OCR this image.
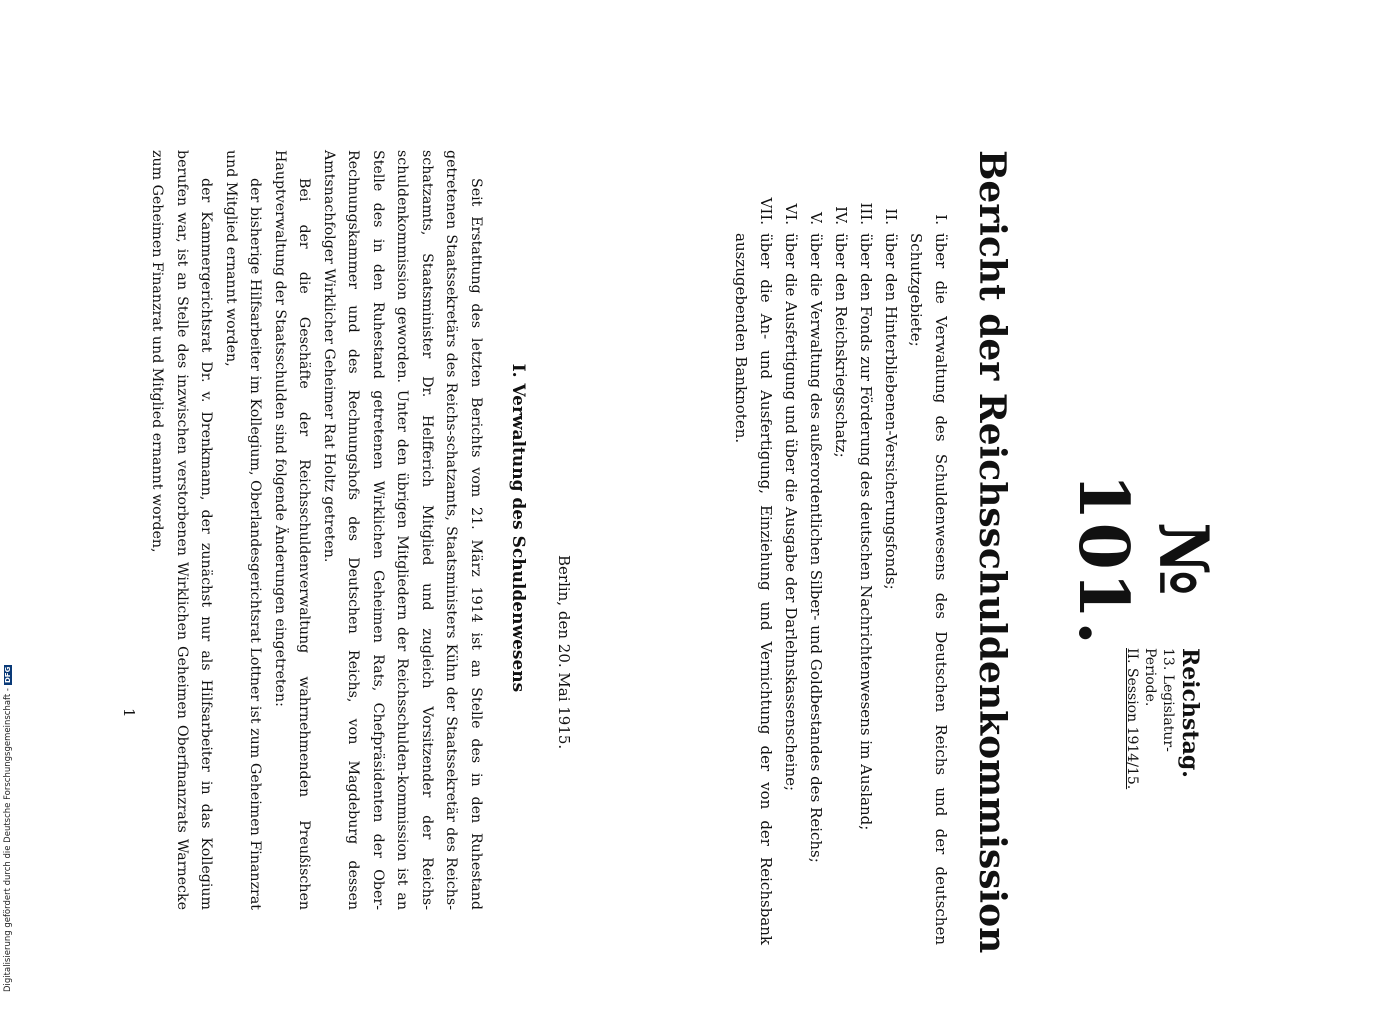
№ 101.
Reichstag.
13. Legislatur-Periode.
II. Session 1914/15.
Bericht der Reichsschuldenkommission
I.
über die Verwaltung des Schuldenwesens des Deutschen Reichs und der deutschen Schutzgebiete;
II.
über den Hinterbliebenen-Versicherungsfonds;
III.
über den Fonds zur Förderung des deutschen Nachrichtenwesens im Ausland;
IV.
über den Reichskriegsschatz;
V.
über die Verwaltung des außerordentlichen Silber- und Goldbestandes des Reichs;
VI.
über die Ausfertigung und über die Ausgabe der Darlehnskassenscheine;
VII.
über die An- und Ausfertigung, Einziehung und Vernichtung der von der Reichsbank auszugebenden Banknoten.
Berlin, den 20. Mai 1915.
I. Verwaltung des Schuldenwesens

Seit Erstattung des letzten Berichts vom 21. März 1914 ist an Stelle des in den Ruhestand getretenen Staatssekretärs des Reichs-schatzamts, Staatsministers Kühn der Staatssekretär des Reichs-schatzamts, Staatsminister Dr. Helfferich Mitglied und zugleich Vorsitzender der Reichs-schuldenkommission geworden. Unter den übrigen Mitgliedern der Reichsschulden-kommission ist an Stelle des in den Ruhestand getretenen Wirklichen Geheimen Rats, Chefpräsidenten der Ober-Rechnungskammer und des Rechnungshofs des Deutschen Reichs, von Magdeburg dessen Amtsnachfolger Wirklicher Geheimer Rat Holtz getreten.

Bei der die Geschäfte der Reichsschuldenverwaltung wahrnehmenden Preußischen Hauptverwaltung der Staatsschulden sind folgende Änderungen eingetreten:

der bisherige Hilfsarbeiter im Kollegium, Oberlandesgerichtsrat Lottner ist zum Geheimen Finanzrat und Mitglied ernannt worden,

der Kammergerichtsrat Dr. v. Drenkmann, der zunächst nur als Hilfsarbeiter in das Kollegium berufen war, ist an Stelle des inzwischen verstorbenen Wirklichen Geheimen Oberfinanzrats Warnecke zum Geheimen Finanzrat und Mitglied ernannt worden,

1
Digitalisierung gefördert durch die Deutsche Forschungsgemeinschaft -DFG
